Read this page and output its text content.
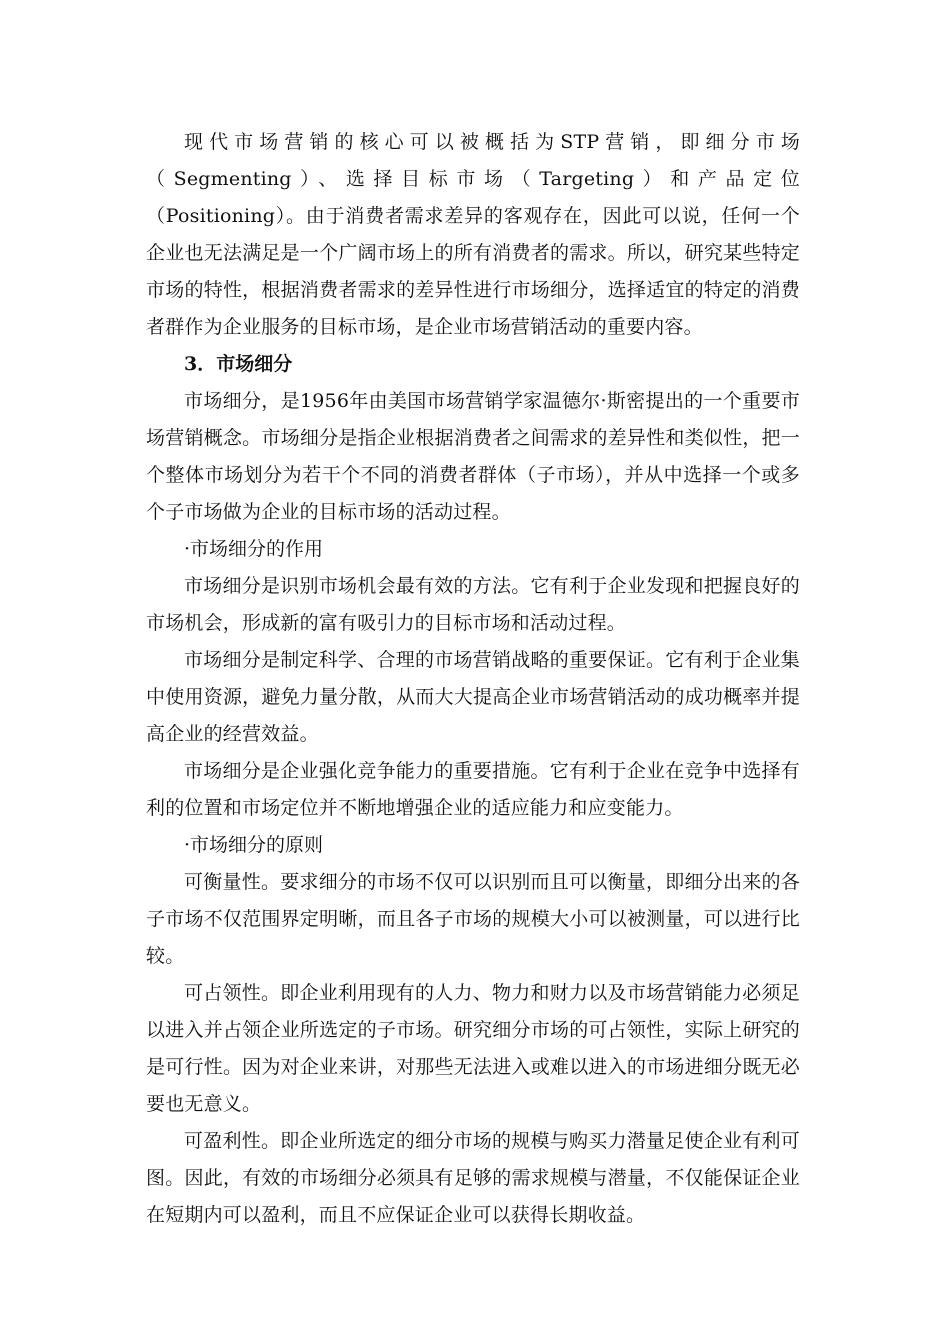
现代市场营销的核心可以被概括为STP营销，即细分市场（Segmenting）、选择目标市场（Targeting）和产品定位（Positioning）。由于消费者需求差异的客观存在，因此可以说，任何一个企业也无法满足是一个广阔市场上的所有消费者的需求。所以，研究某些特定市场的特性，根据消费者需求的差异性进行市场细分，选择适宜的特定的消费者群作为企业服务的目标市场，是企业市场营销活动的重要内容。

3．市场细分

市场细分，是1956年由美国市场营销学家温德尔·斯密提出的一个重要市场营销概念。市场细分是指企业根据消费者之间需求的差异性和类似性，把一个整体市场划分为若干个不同的消费者群体（子市场），并从中选择一个或多个子市场做为企业的目标市场的活动过程。

·市场细分的作用

市场细分是识别市场机会最有效的方法。它有利于企业发现和把握良好的市场机会，形成新的富有吸引力的目标市场和活动过程。

市场细分是制定科学、合理的市场营销战略的重要保证。它有利于企业集中使用资源，避免力量分散，从而大大提高企业市场营销活动的成功概率并提高企业的经营效益。

市场细分是企业强化竞争能力的重要措施。它有利于企业在竞争中选择有利的位置和市场定位并不断地增强企业的适应能力和应变能力。

·市场细分的原则

可衡量性。要求细分的市场不仅可以识别而且可以衡量，即细分出来的各子市场不仅范围界定明晰，而且各子市场的规模大小可以被测量，可以进行比较。

可占领性。即企业利用现有的人力、物力和财力以及市场营销能力必须足以进入并占领企业所选定的子市场。研究细分市场的可占领性，实际上研究的是可行性。因为对企业来讲，对那些无法进入或难以进入的市场进细分既无必要也无意义。

可盈利性。即企业所选定的细分市场的规模与购买力潜量足使企业有利可图。因此，有效的市场细分必须具有足够的需求规模与潜量，不仅能保证企业在短期内可以盈利，而且不应保证企业可以获得长期收益。
